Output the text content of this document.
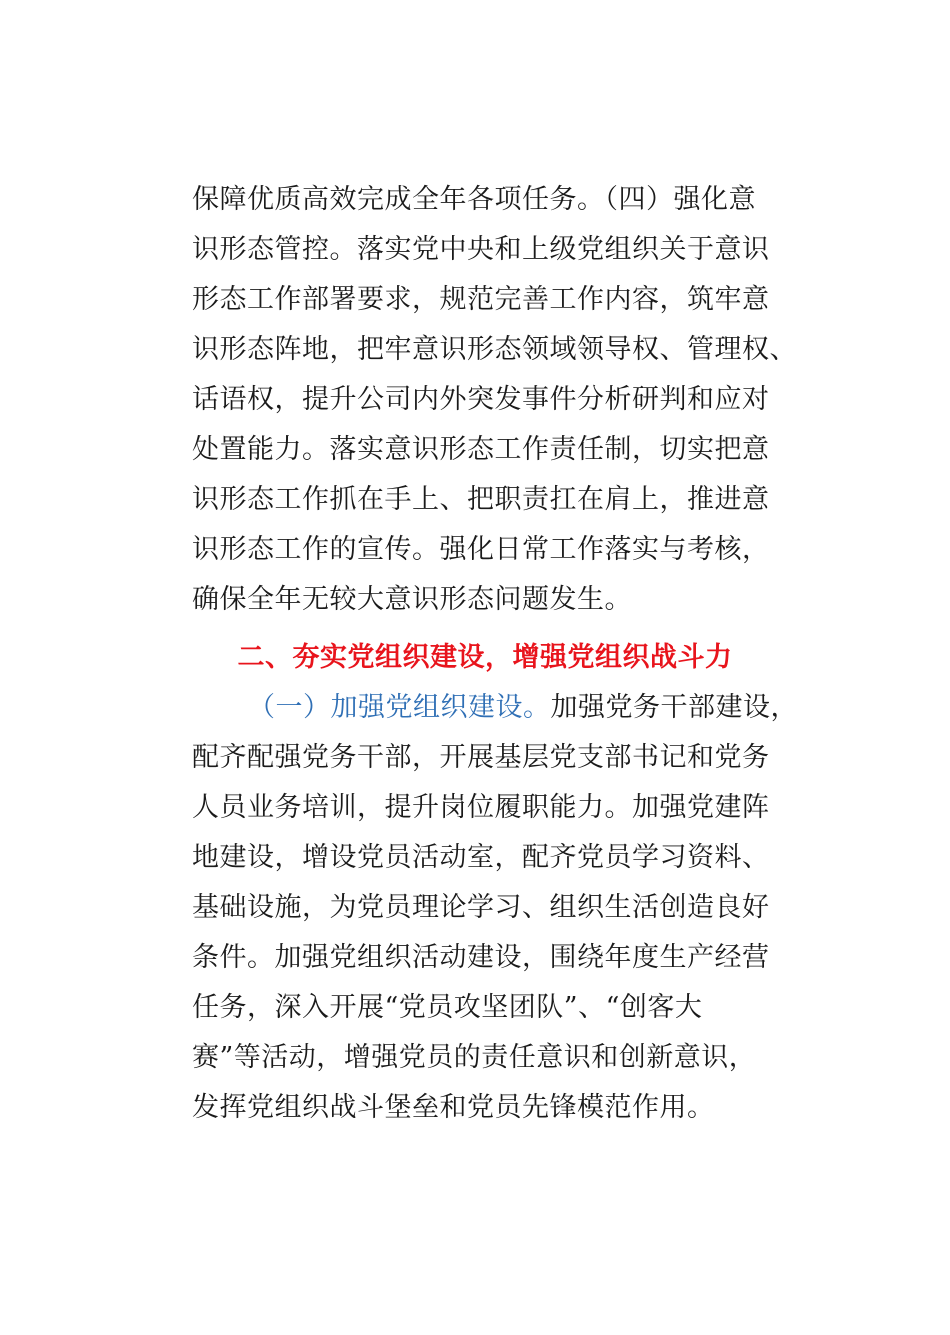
保障优质高效完成全年各项任务。（四）强化意
识形态管控。落实党中央和上级党组织关于意识
形态工作部署要求，规范完善工作内容，筑牢意
识形态阵地，把牢意识形态领域领导权、管理权、
话语权，提升公司内外突发事件分析研判和应对
处置能力。落实意识形态工作责任制，切实把意
识形态工作抓在手上、把职责扛在肩上，推进意
识形态工作的宣传。强化日常工作落实与考核，
确保全年无较大意识形态问题发生。
二、夯实党组织建设，增强党组织战斗力
（一）加强党组织建设。加强党务干部建设，
配齐配强党务干部，开展基层党支部书记和党务
人员业务培训，提升岗位履职能力。加强党建阵
地建设，增设党员活动室，配齐党员学习资料、
基础设施，为党员理论学习、组织生活创造良好
条件。加强党组织活动建设，围绕年度生产经营
任务，深入开展“党员攻坚团队”、“创客大
赛”等活动，增强党员的责任意识和创新意识，
发挥党组织战斗堡垒和党员先锋模范作用。
